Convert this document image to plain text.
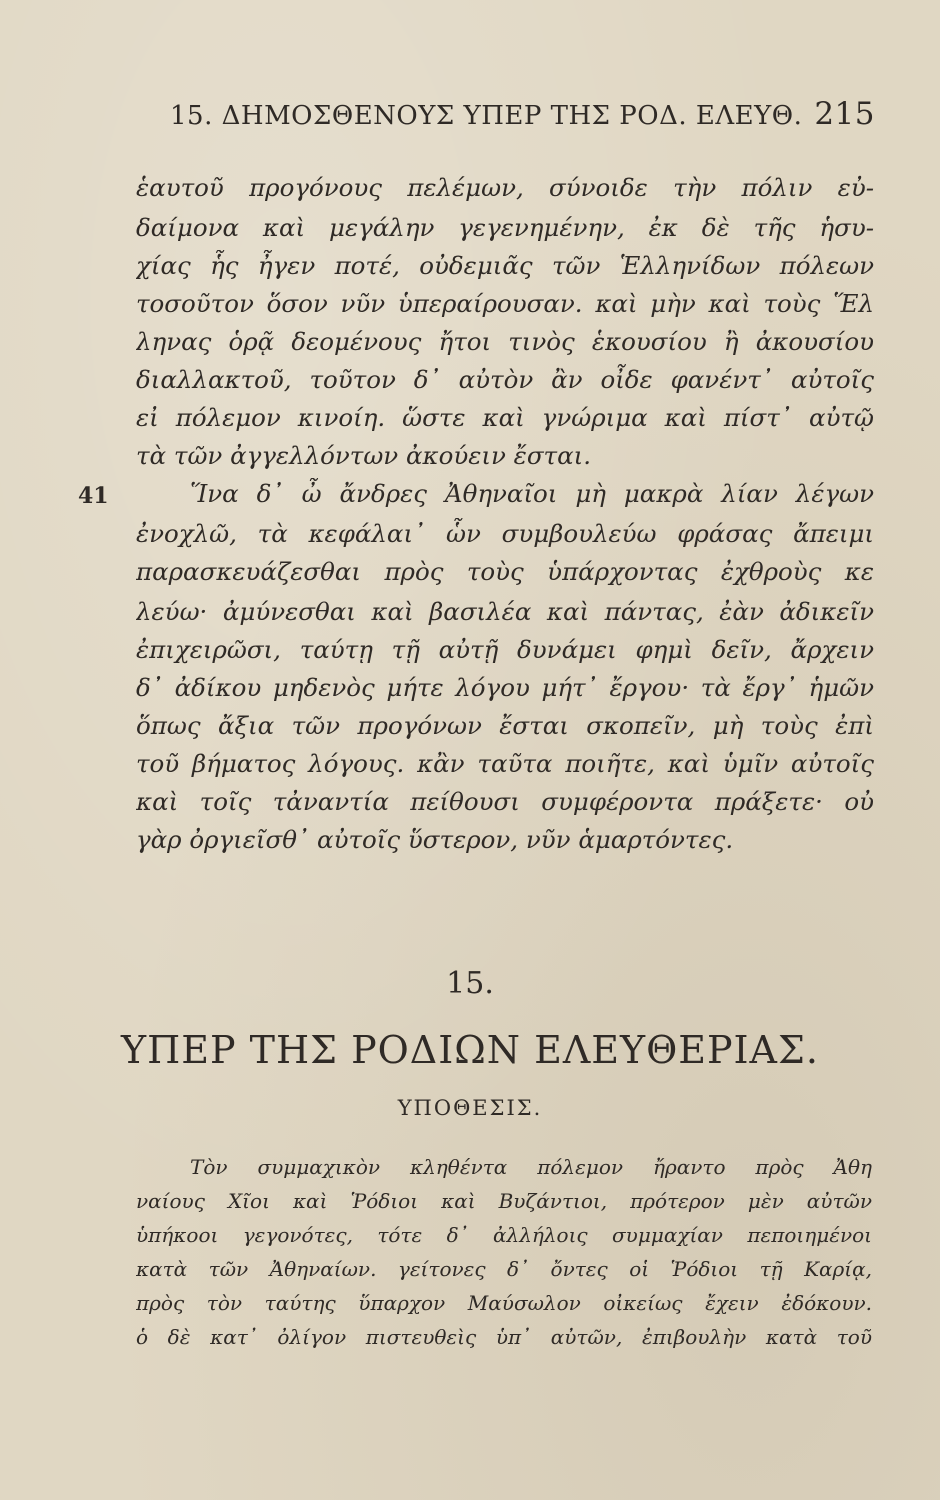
15. ΔΗΜΟΣΘΕΝΟΥΣ ΥΠΕΡ ΤΗΣ ΡΟΔ. ΕΛΕΥΘ. 215
ἑαυτοῦ προγόνους πελέμων, σύνοιδε τὴν πόλιν εὐ-
δαίμονα καὶ μεγάλην γεγενημένην, ἐκ δὲ τῆς ἡσυ-
χίας ἧς ἦγεν ποτέ, οὐδεμιᾶς τῶν Ἑλληνίδων πόλεων
τοσοῦτον ὅσον νῦν ὑπεραίρουσαν. καὶ μὴν καὶ τοὺς Ἕλ
ληνας ὁρᾷ δεομένους ἤτοι τινὸς ἑκουσίου ἢ ἀκουσίου
διαλλακτοῦ, τοῦτον δ᾽ αὐτὸν ἂν οἶδε φανέντ᾽ αὐτοῖς
εἰ πόλεμον κινοίη. ὥστε καὶ γνώριμα καὶ πίστ᾽ αὐτῷ
τὰ τῶν ἀγγελλόντων ἀκούειν ἔσται.
41	Ἵνα δ᾽ ὦ ἄνδρες Ἀθηναῖοι μὴ μακρὰ λίαν λέγων
ἐνοχλῶ, τὰ κεφάλαι᾽ ὧν συμβουλεύω φράσας ἄπειμι
παρασκευάζεσθαι πρὸς τοὺς ὑπάρχοντας ἐχθροὺς κε
λεύω· ἀμύνεσθαι καὶ βασιλέα καὶ πάντας, ἐὰν ἀδικεῖν
ἐπιχειρῶσι, ταύτῃ τῇ αὐτῇ δυνάμει φημὶ δεῖν, ἄρχειν
δ᾽ ἀδίκου μηδενὸς μήτε λόγου μήτ᾽ ἔργου· τὰ ἔργ᾽ ἡμῶν
ὅπως ἄξια τῶν προγόνων ἔσται σκοπεῖν, μὴ τοὺς ἐπὶ
τοῦ βήματος λόγους. κἂν ταῦτα ποιῆτε, καὶ ὑμῖν αὐτοῖς
καὶ τοῖς τἀναντία πείθουσι συμφέροντα πράξετε· οὐ
γὰρ ὀργιεῖσθ᾽ αὐτοῖς ὕστερον, νῦν ἁμαρτόντες.
15.
ΥΠΕΡ ΤΗΣ ΡΟΔΙΩΝ ΕΛΕΥΘΕΡΙΑΣ.
ΥΠΟΘΕΣΙΣ.
Τὸν συμμαχικὸν κληθέντα πόλεμον ἤραντο πρὸς Ἀθη
ναίους Χῖοι καὶ Ῥόδιοι καὶ Βυζάντιοι, πρότερον μὲν αὐτῶν
ὑπήκοοι γεγονότες, τότε δ᾽ ἀλλήλοις συμμαχίαν πεποιημένοι
κατὰ τῶν Ἀθηναίων. γείτονες δ᾽ ὄντες οἱ Ῥόδιοι τῇ Καρίᾳ,
πρὸς τὸν ταύτης ὕπαρχον Μαύσωλον οἰκείως ἔχειν ἐδόκουν.
ὁ δὲ κατ᾽ ὀλίγον πιστευθεὶς ὑπ᾽ αὐτῶν, ἐπιβουλὴν κατὰ τοῦ
